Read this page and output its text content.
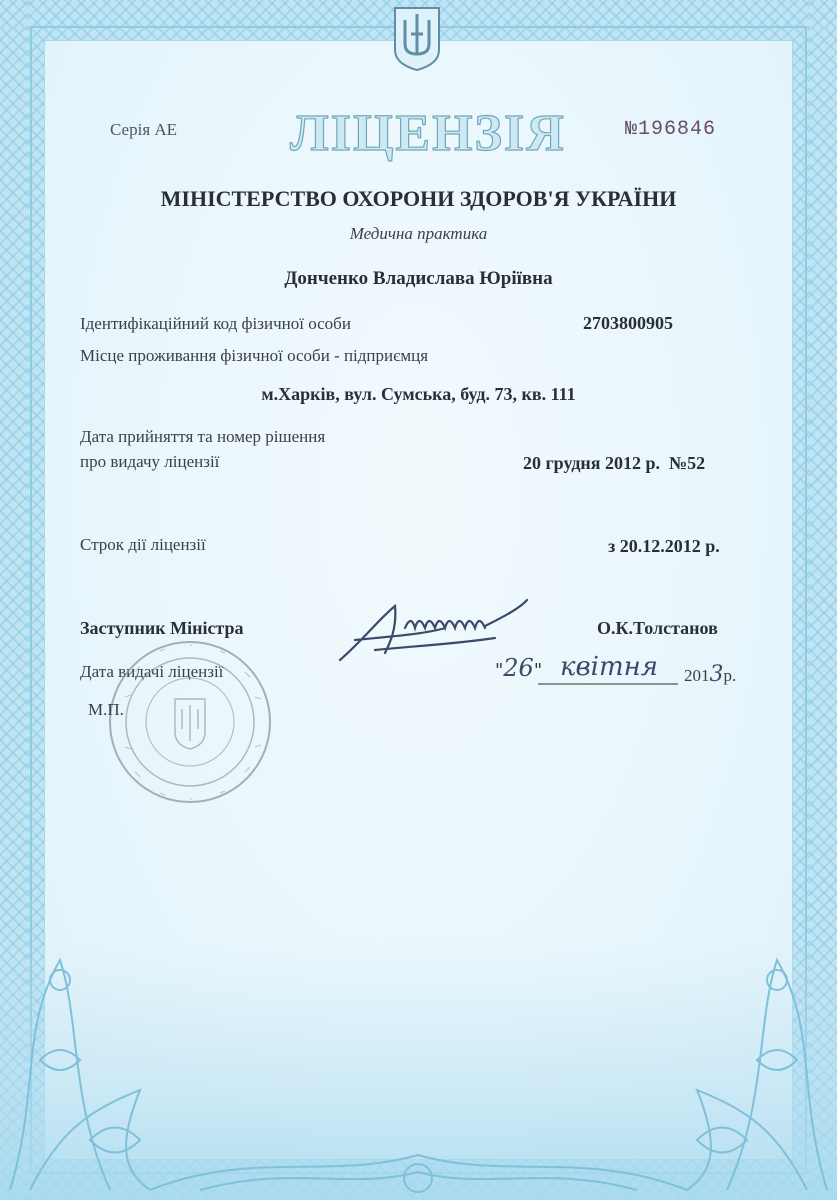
Серія АЕ ЛІЦЕНЗІЯ	№196846
МІНІСТЕРСТВО ОХОРОНИ ЗДОРОВ'Я УКРАЇНИ
Медична практика
Донченко Владислава Юріївна
Ідентифікаційний код фізичної особи	2703800905
Місце проживання фізичної особи - підприємця
м.Харків, вул. Сумська, буд. 73, кв. 111
Дата прийняття та номер рішення
про видачу ліцензії	20 грудня 2012 р.  №52
Строк дії ліцензії	з 20.12.2012 р.
Заступник Міністра	О.К.Толстанов
Дата видачі ліцензії	"26" квітня 2013р.
М.П.
